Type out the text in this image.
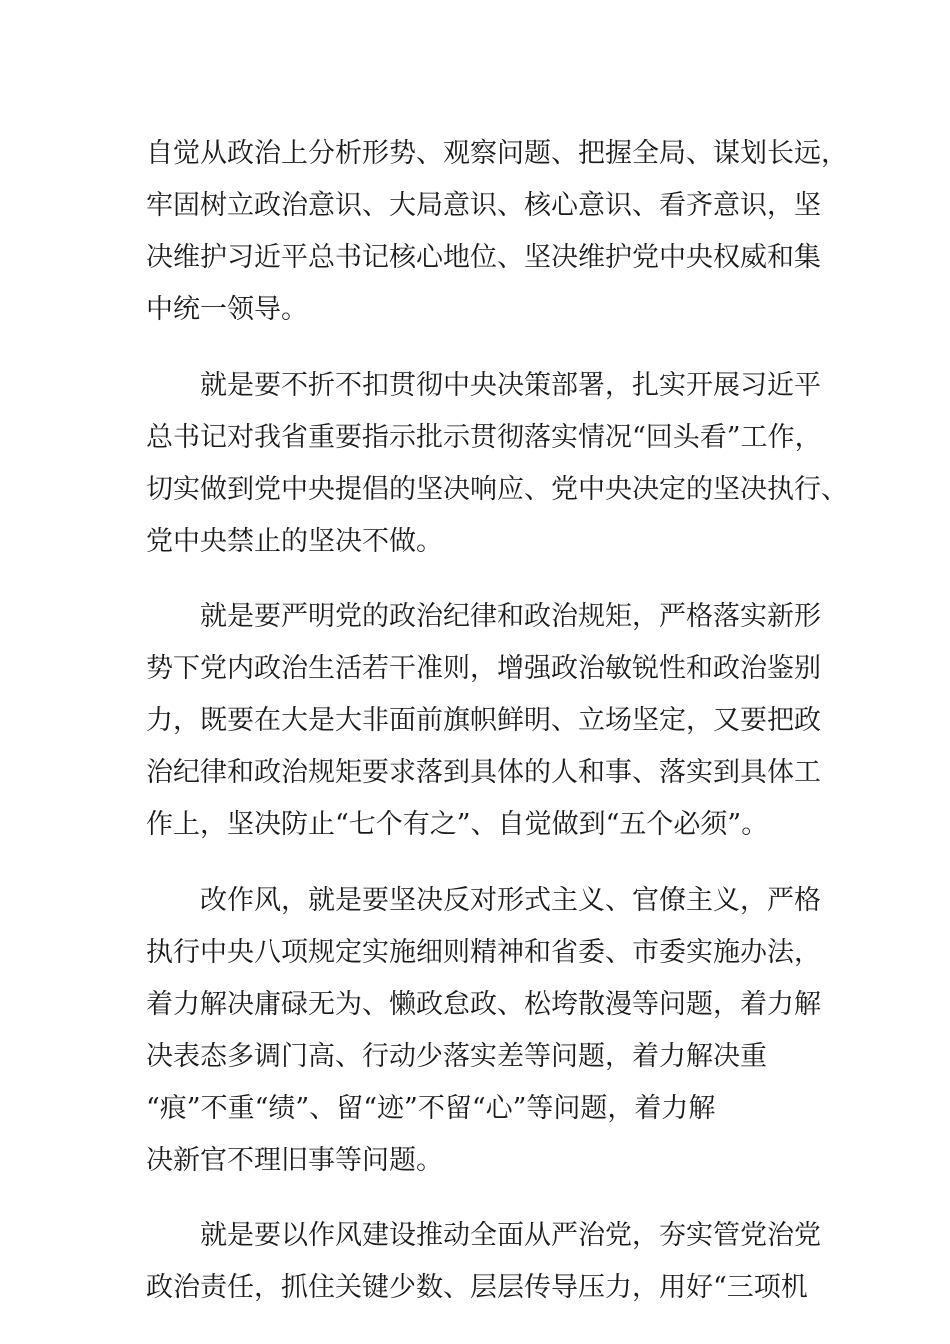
自觉从政治上分析形势、观察问题、把握全局、谋划长远，
牢固树立政治意识、大局意识、核心意识、看齐意识，坚
决维护习近平总书记核心地位、坚决维护党中央权威和集
中统一领导。
就是要不折不扣贯彻中央决策部署，扎实开展习近平
总书记对我省重要指示批示贯彻落实情况“回头看”工作，
切实做到党中央提倡的坚决响应、党中央决定的坚决执行、
党中央禁止的坚决不做。
就是要严明党的政治纪律和政治规矩，严格落实新形
势下党内政治生活若干准则，增强政治敏锐性和政治鉴别
力，既要在大是大非面前旗帜鲜明、立场坚定，又要把政
治纪律和政治规矩要求落到具体的人和事、落实到具体工
作上，坚决防止“七个有之”、自觉做到“五个必须”。
改作风，就是要坚决反对形式主义、官僚主义，严格
执行中央八项规定实施细则精神和省委、市委实施办法，
着力解决庸碌无为、懒政怠政、松垮散漫等问题，着力解
决表态多调门高、行动少落实差等问题，着力解决重
“痕”不重“绩”、留“迹”不留“心”等问题，着力解
决新官不理旧事等问题。
就是要以作风建设推动全面从严治党，夯实管党治党
政治责任，抓住关键少数、层层传导压力，用好“三项机
